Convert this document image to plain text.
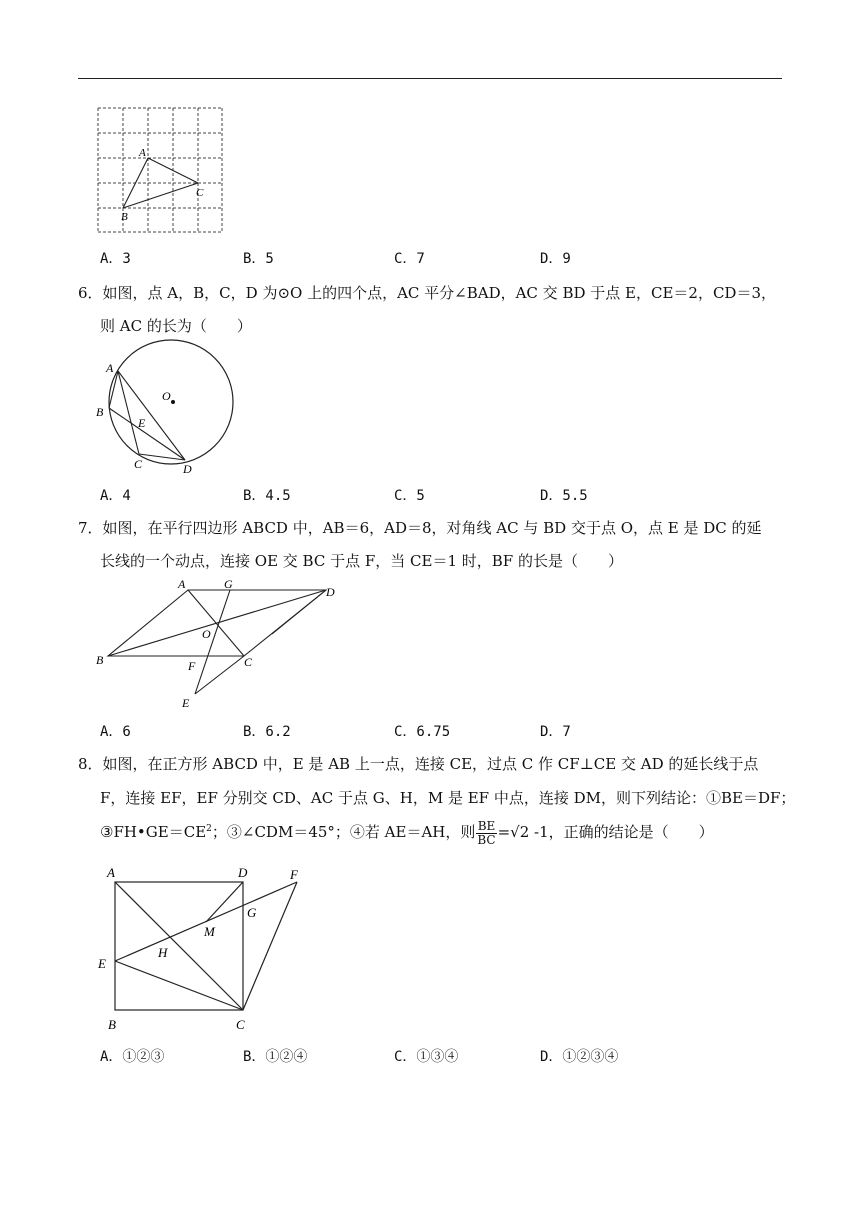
A
B
C
A．3	B．5	C．7	D．9
6．如图，点 A，B，C，D 为⊙O 上的四个点，AC 平分∠BAD，AC 交 BD 于点 E，CE＝2，CD＝3，
则 AC 的长为（　　）
A
B
C	D
E
O
A．4	B．4.5	C．5	D．5.5
7．如图，在平行四边形 ABCD 中，AB＝6，AD＝8，对角线 AC 与 BD 交于点 O，点 E 是 DC 的延
长线的一个动点，连接 OE 交 BC 于点 F，当 CE＝1 时，BF 的长是（　　）
A	G
D
O
B	F	C
E
A．6	B．6.2	C．6.75	D．7
8．如图，在正方形 ABCD 中，E 是 AB 上一点，连接 CE，过点 C 作 CF⊥CE 交 AD 的延长线于点
F，连接 EF，EF 分别交 CD、AC 于点 G、H，M 是 EF 中点，连接 DM，则下列结论：①BE＝DF；
$③FH•GE=CE^2$；③∠CDM＝45°；④若 AE＝AH，则 $\frac{BE}{BC} =√2$ -1，正确的结论是（　　）
A	D	F
G
M
H
E
B	C
A．①②③	B．①②④	C．①③④	D．①②③④
